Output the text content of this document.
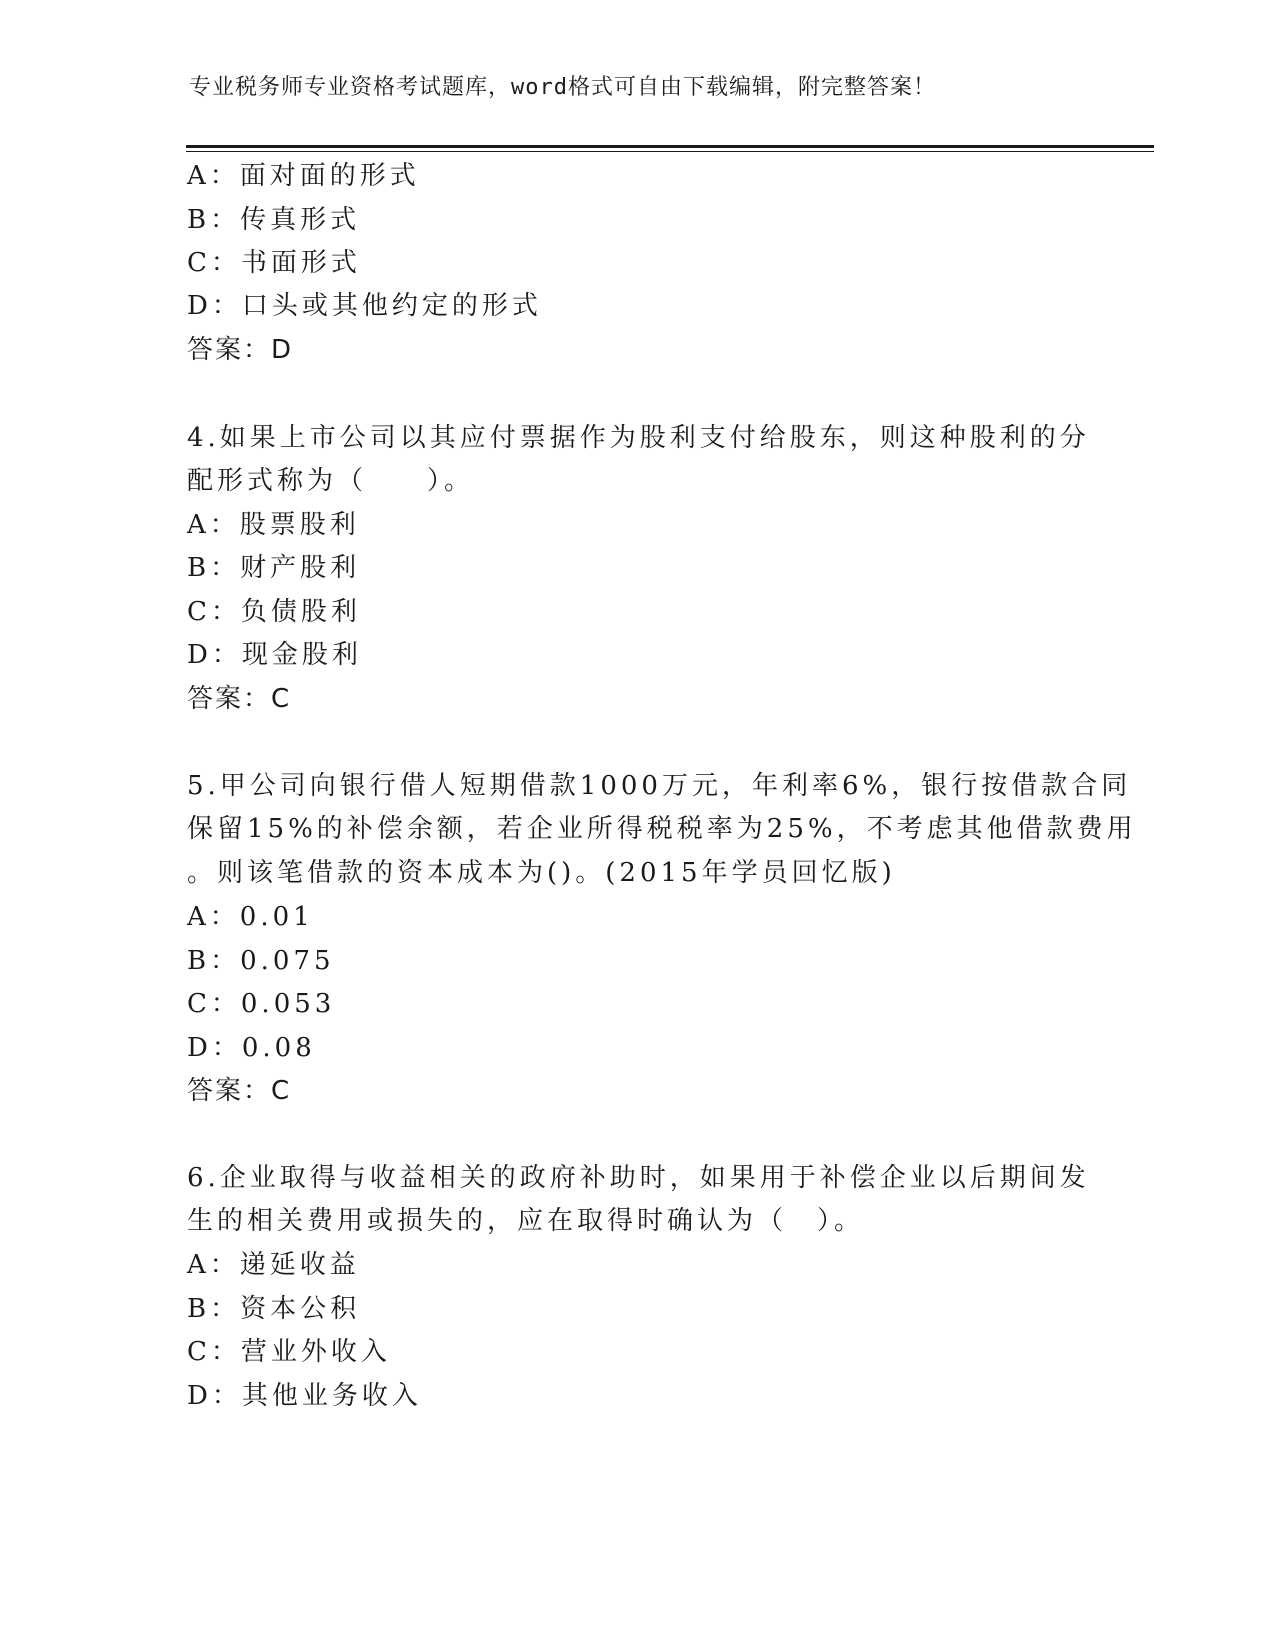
专业税务师专业资格考试题库，word格式可自由下载编辑，附完整答案！
A：面对面的形式
B：传真形式
C：书面形式
D：口头或其他约定的形式
答案：D
4.如果上市公司以其应付票据作为股利支付给股东，则这种股利的分
配形式称为（　　）。
A：股票股利
B：财产股利
C：负债股利
D：现金股利
答案：C
5.甲公司向银行借人短期借款1000万元，年利率6%，银行按借款合同
保留15%的补偿余额，若企业所得税税率为25%，不考虑其他借款费用
。则该笔借款的资本成本为()。(2015年学员回忆版)
A：0.01
B：0.075
C：0.053
D：0.08
答案：C
6.企业取得与收益相关的政府补助时，如果用于补偿企业以后期间发
生的相关费用或损失的，应在取得时确认为（　）。
A：递延收益
B：资本公积
C：营业外收入
D：其他业务收入
